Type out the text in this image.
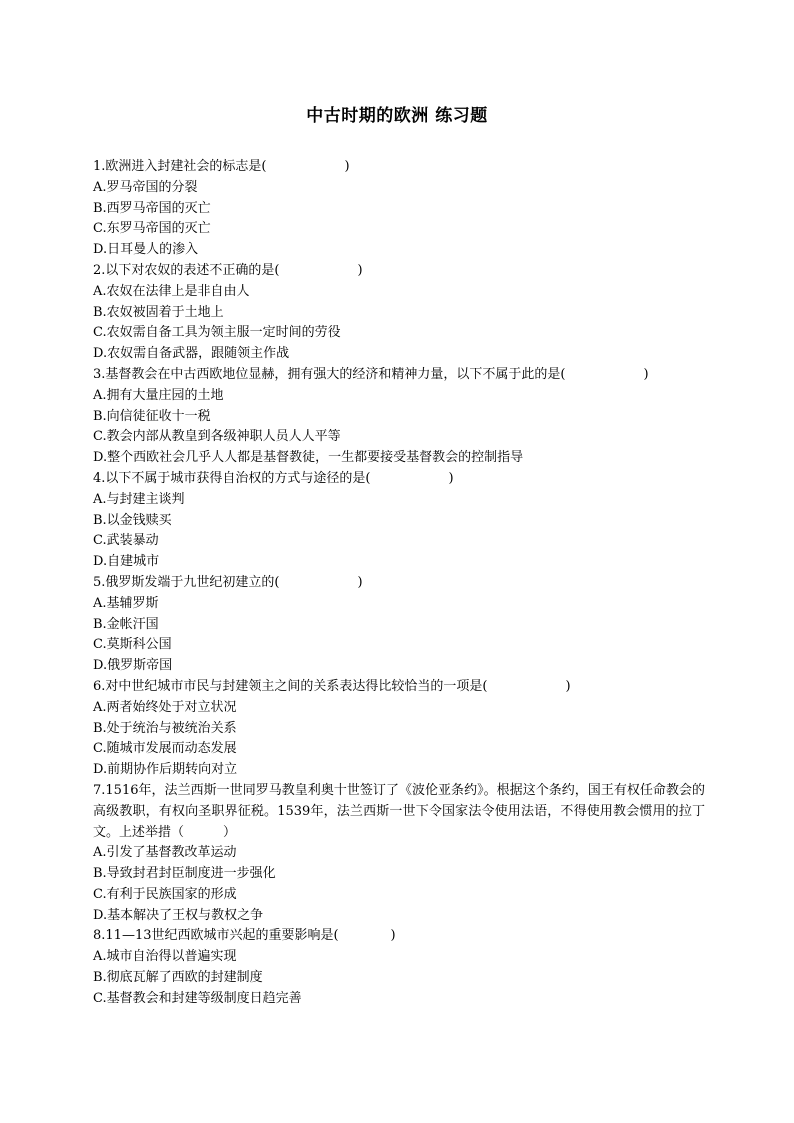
中古时期的欧洲 练习题
1.欧洲进入封建社会的标志是(　　　　　　)
A.罗马帝国的分裂
B.西罗马帝国的灭亡
C.东罗马帝国的灭亡
D.日耳曼人的渗入
2.以下对农奴的表述不正确的是(　　　　　　)
A.农奴在法律上是非自由人
B.农奴被固着于土地上
C.农奴需自备工具为领主服一定时间的劳役
D.农奴需自备武器，跟随领主作战
3.基督教会在中古西欧地位显赫，拥有强大的经济和精神力量，以下不属于此的是(　　　　　　)
A.拥有大量庄园的土地
B.向信徒征收十一税
C.教会内部从教皇到各级神职人员人人平等
D.整个西欧社会几乎人人都是基督教徒，一生都要接受基督教会的控制指导
4.以下不属于城市获得自治权的方式与途径的是(　　　　　　)
A.与封建主谈判
B.以金钱赎买
C.武装暴动
D.自建城市
5.俄罗斯发端于九世纪初建立的(　　　　　　)
A.基辅罗斯
B.金帐汗国
C.莫斯科公国
D.俄罗斯帝国
6.对中世纪城市市民与封建领主之间的关系表达得比较恰当的一项是(　　　　　　)
A.两者始终处于对立状况
B.处于统治与被统治关系
C.随城市发展而动态发展
D.前期协作后期转向对立
7.1516年，法兰西斯一世同罗马教皇利奥十世签订了《波伦亚条约》。根据这个条约，国王有权任命教会的高级教职，有权向圣职界征税。1539年，法兰西斯一世下令国家法令使用法语，不得使用教会惯用的拉丁文。上述举措（　　　）
A.引发了基督教改革运动
B.导致封君封臣制度进一步强化
C.有利于民族国家的形成
D.基本解决了王权与教权之争
8.11—13世纪西欧城市兴起的重要影响是(　　　　)
A.城市自治得以普遍实现
B.彻底瓦解了西欧的封建制度
C.基督教会和封建等级制度日趋完善
